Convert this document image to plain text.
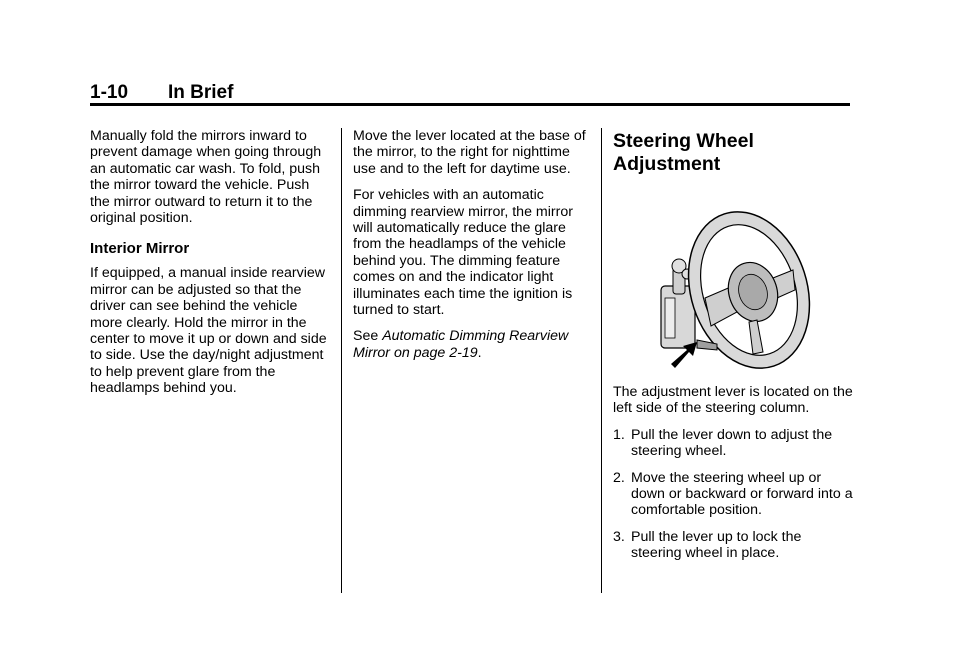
1-10 In Brief

Manually fold the mirrors inward to prevent damage when going through an automatic car wash. To fold, push the mirror toward the vehicle. Push the mirror outward to return it to the original position.

Interior Mirror

If equipped, a manual inside rearview mirror can be adjusted so that the driver can see behind the vehicle more clearly. Hold the mirror in the center to move it up or down and side to side. Use the day/night adjustment to help prevent glare from the headlamps behind you.

Move the lever located at the base of the mirror, to the right for nighttime use and to the left for daytime use.

For vehicles with an automatic dimming rearview mirror, the mirror will automatically reduce the glare from the headlamps of the vehicle behind you. The dimming feature comes on and the indicator light illuminates each time the ignition is turned to start.

See Automatic Dimming Rearview Mirror on page 2-19.

Steering Wheel
Adjustment

The adjustment lever is located on the left side of the steering column.

1. Pull the lever down to adjust the steering wheel.
2. Move the steering wheel up or down or backward or forward into a comfortable position.
3. Pull the lever up to lock the steering wheel in place.
